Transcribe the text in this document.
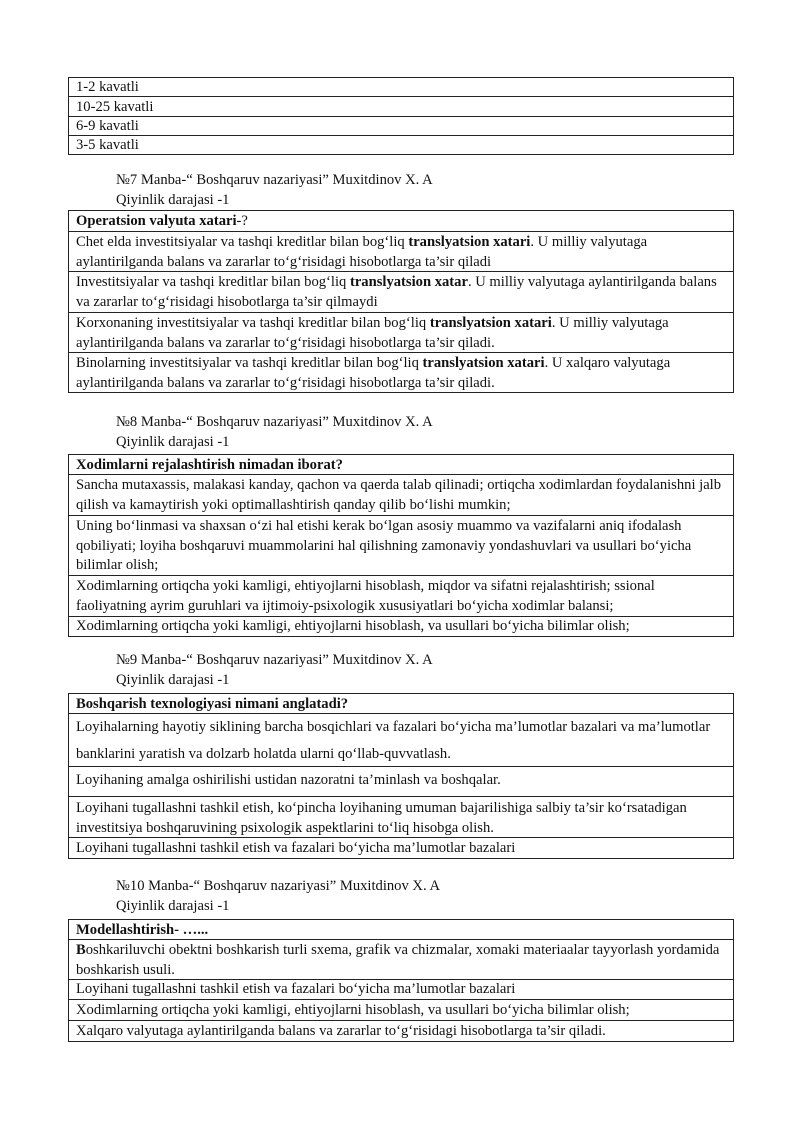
1-2 kavatli
10-25 kavatli
6-9 kavatli
3-5 kavatli
№7 Manba-“ Boshqaruv nazariyasi” Muxitdinov X. A
Qiyinlik darajasi -1
Operatsion valyuta xatari-?
Chet elda investitsiyalar va tashqi kreditlar bilan bog‘liq translyatsion xatari. U milliy valyutaga aylantirilganda balans va zararlar to‘g‘risidagi hisobotlarga ta’sir qiladi
Investitsiyalar va tashqi kreditlar bilan bog‘liq translyatsion xatar. U milliy valyutaga aylantirilganda balans va zararlar to‘g‘risidagi hisobotlarga ta’sir qilmaydi
Korxonaning investitsiyalar va tashqi kreditlar bilan bog‘liq translyatsion xatari. U milliy valyutaga aylantirilganda balans va zararlar to‘g‘risidagi hisobotlarga ta’sir qiladi.
Binolarning investitsiyalar va tashqi kreditlar bilan bog‘liq translyatsion xatari. U xalqaro valyutaga aylantirilganda balans va zararlar to‘g‘risidagi hisobotlarga ta’sir qiladi.
№8 Manba-“ Boshqaruv nazariyasi” Muxitdinov X. A
Qiyinlik darajasi -1
Xodimlarni rejalashtirish nimadan iborat?
Sancha mutaxassis, malakasi kanday, qachon va qaerda talab qilinadi; ortiqcha xodimlardan foydalanishni jalb qilish va kamaytirish yoki optimallashtirish qanday qilib bo‘lishi mumkin;
Uning bo‘linmasi va shaxsan o‘zi hal etishi kerak bo‘lgan asosiy muammo va vazifalarni aniq ifodalash qobiliyati; loyiha boshqaruvi muammolarini hal qilishning zamonaviy yondashuvlari va usullari bo‘yicha bilimlar olish;
Xodimlarning ortiqcha yoki kamligi, ehtiyojlarni hisoblash, miqdor va sifatni rejalashtirish; ssional faoliyatning ayrim guruhlari va ijtimoiy-psixologik xususiyatlari bo‘yicha xodimlar balansi;
Xodimlarning ortiqcha yoki kamligi, ehtiyojlarni hisoblash, va usullari bo‘yicha bilimlar olish;
№9 Manba-“ Boshqaruv nazariyasi” Muxitdinov X. A
Qiyinlik darajasi -1
Boshqarish texnologiyasi nimani anglatadi?
Loyihalarning hayotiy siklining barcha bosqichlari va fazalari bo‘yicha ma’lumotlar bazalari va ma’lumotlar banklarini yaratish va dolzarb holatda ularni qo‘llab-quvvatlash.
Loyihaning amalga oshirilishi ustidan nazoratni ta’minlash va boshqalar.
Loyihani tugallashni tashkil etish, ko‘pincha loyihaning umuman bajarilishiga salbiy ta’sir ko‘rsatadigan investitsiya boshqaruvining psixologik aspektlarini to‘liq hisobga olish.
Loyihani tugallashni tashkil etish va fazalari bo‘yicha ma’lumotlar bazalari
№10 Manba-“ Boshqaruv nazariyasi” Muxitdinov X. A
Qiyinlik darajasi -1
Modellashtirish- …...
Boshkariluvchi obektni boshkarish turli sxema, grafik va chizmalar, xomaki materiaalar tayyorlash yordamida boshkarish usuli.
Loyihani tugallashni tashkil etish va fazalari bo‘yicha ma’lumotlar bazalari
Xodimlarning ortiqcha yoki kamligi, ehtiyojlarni hisoblash, va usullari bo‘yicha bilimlar olish;
Xalqaro valyutaga aylantirilganda balans va zararlar to‘g‘risidagi hisobotlarga ta’sir qiladi.
